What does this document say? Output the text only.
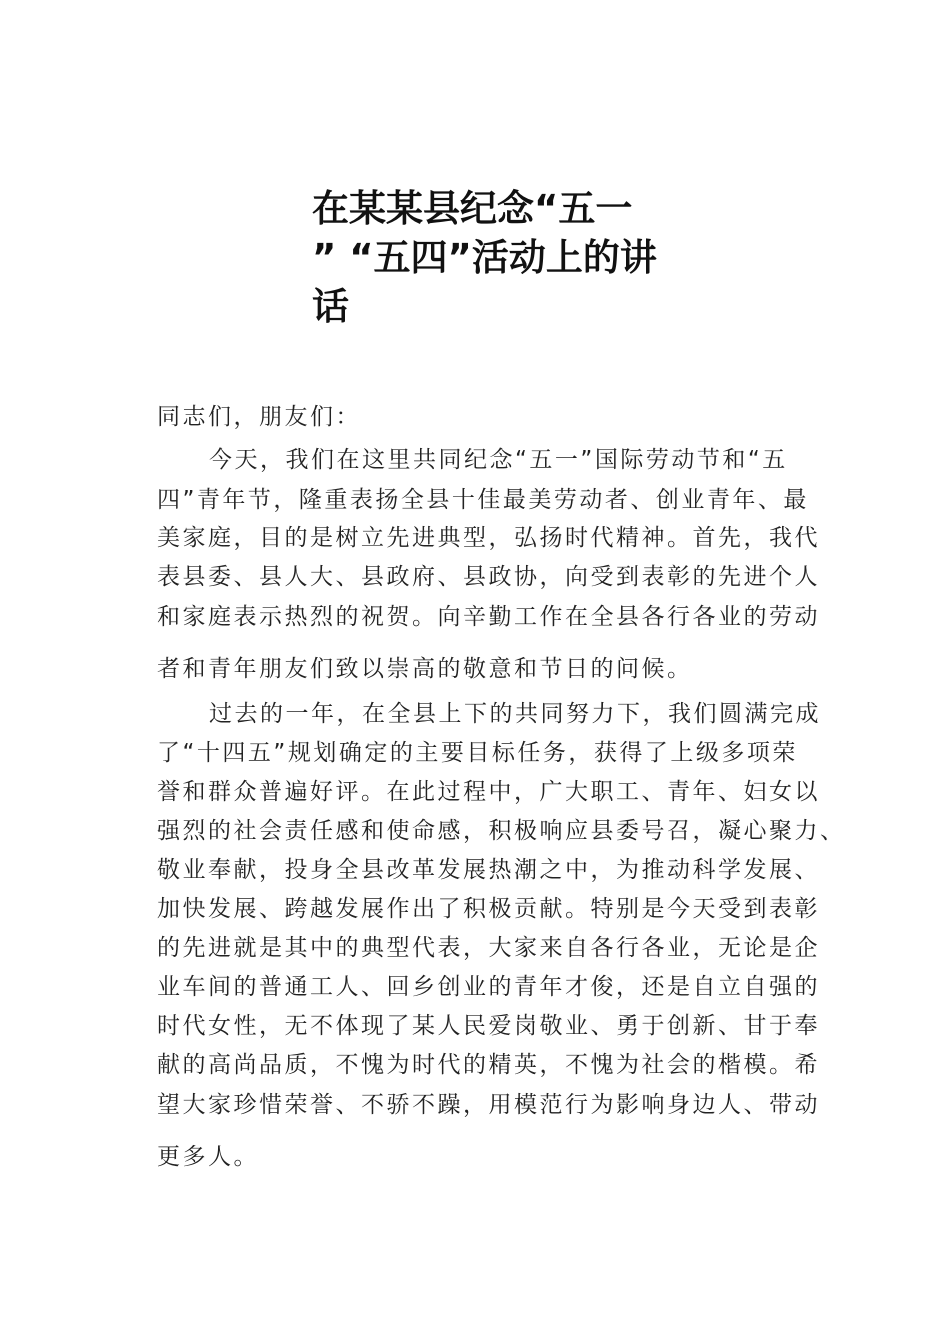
在某某县纪念“五一
” “五四”活动上的讲
话
同志们，朋友们：
今天，我们在这里共同纪念“五一”国际劳动节和“五
四”青年节，隆重表扬全县十佳最美劳动者、创业青年、最
美家庭，目的是树立先进典型，弘扬时代精神。首先，我代
表县委、县人大、县政府、县政协，向受到表彰的先进个人
和家庭表示热烈的祝贺。向辛勤工作在全县各行各业的劳动
者和青年朋友们致以崇高的敬意和节日的问候。
过去的一年，在全县上下的共同努力下，我们圆满完成
了“十四五”规划确定的主要目标任务，获得了上级多项荣
誉和群众普遍好评。在此过程中，广大职工、青年、妇女以
强烈的社会责任感和使命感，积极响应县委号召，凝心聚力、
敬业奉献，投身全县改革发展热潮之中，为推动科学发展、
加快发展、跨越发展作出了积极贡献。特别是今天受到表彰
的先进就是其中的典型代表，大家来自各行各业，无论是企
业车间的普通工人、回乡创业的青年才俊，还是自立自强的
时代女性，无不体现了某人民爱岗敬业、勇于创新、甘于奉
献的高尚品质，不愧为时代的精英，不愧为社会的楷模。希
望大家珍惜荣誉、不骄不躁，用模范行为影响身边人、带动
更多人。
